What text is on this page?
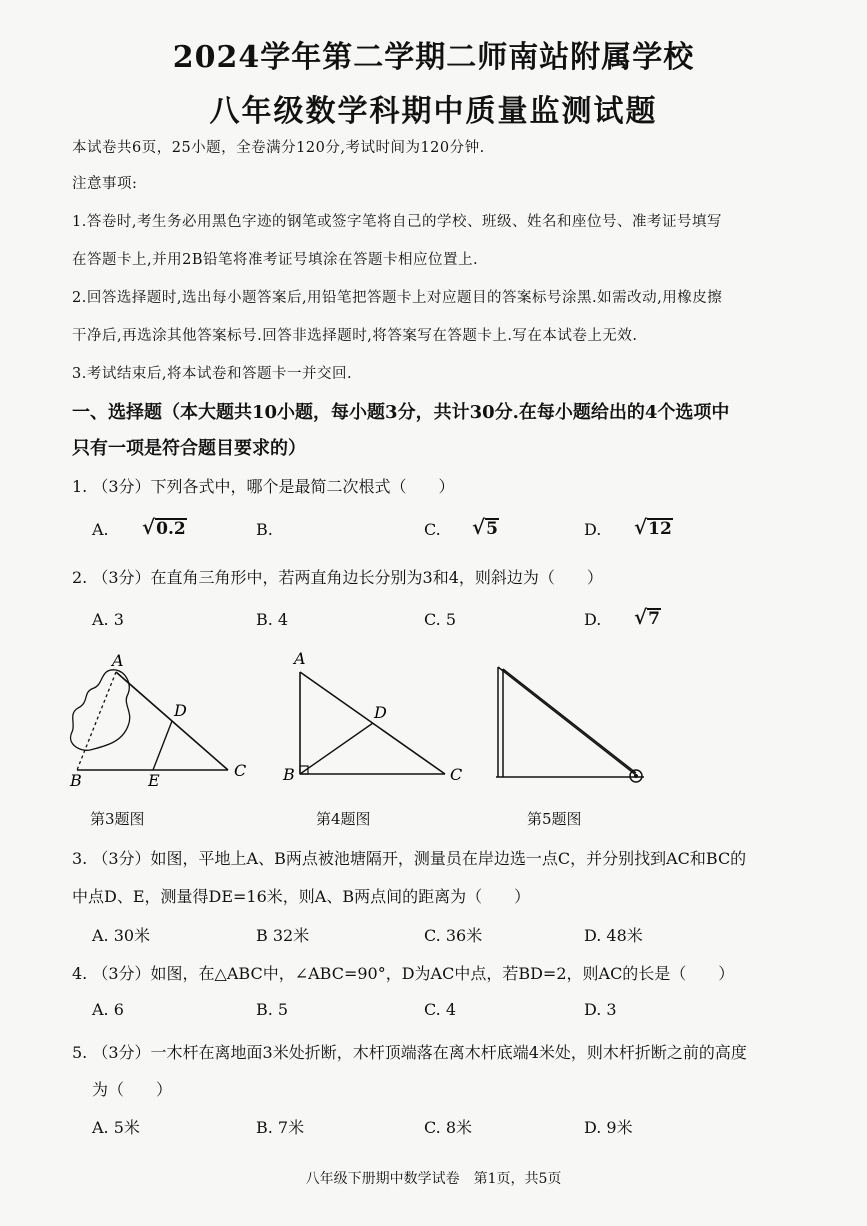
2024学年第二学期二师南站附属学校
八年级数学科期中质量监测试题
本试卷共6页，25小题，全卷满分120分,考试时间为120分钟.
注意事项:
1.答卷时,考生务必用黑色字迹的钢笔或签字笔将自己的学校、班级、姓名和座位号、准考证号填写
在答题卡上,并用2B铅笔将准考证号填涂在答题卡相应位置上.
2.回答选择题时,选出每小题答案后,用铅笔把答题卡上对应题目的答案标号涂黑.如需改动,用橡皮擦
干净后,再选涂其他答案标号.回答非选择题时,将答案写在答题卡上.写在本试卷上无效.
3.考试结束后,将本试卷和答题卡一并交回.
一、选择题（本大题共10小题，每小题3分，共计30分.在每小题给出的4个选项中
只有一项是符合题目要求的）
1. （3分）下列各式中，哪个是最简二次根式（　　）
A. √ 0.2	B.	C. √ 5	D. √ 12
2. （3分）在直角三角形中，若两直角边长分别为3和4，则斜边为（　　）
A. 3	B. 4	C. 5	D. √ 7
A
B
C
D
E
A
B	C
D
第3题图	第4题图	第5题图
3. （3分）如图，平地上A、B两点被池塘隔开，测量员在岸边选一点C，并分别找到AC和BC的
中点D、E，测量得DE=16米，则A、B两点间的距离为（　　）
A. 30米	B 32米	C. 36米	D. 48米
4. （3分）如图，在△ABC中，∠ABC=90°，D为AC中点，若BD=2，则AC的长是（　　）
A. 6	B. 5	C. 4	D. 3
5. （3分）一木杆在离地面3米处折断，木杆顶端落在离木杆底端4米处，则木杆折断之前的高度
为（　　）
A. 5米	B. 7米	C. 8米	D. 9米
八年级下册期中数学试卷　第1页，共5页
